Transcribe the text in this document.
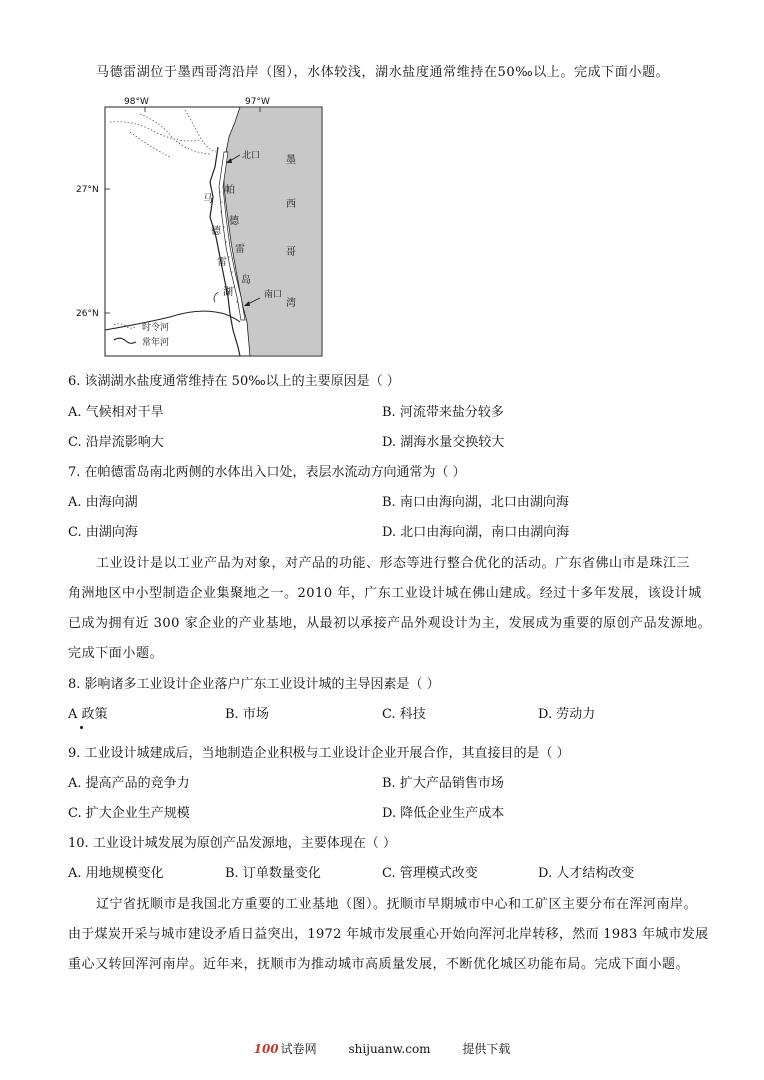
马德雷湖位于墨西哥湾沿岸（图），水体较浅，湖水盐度通常维持在50‰以上。完成下面小题。
98°W	97°W
27°N
26°N
北口
南口
马
德
雷
湖
帕
德
雷
岛
墨
西
哥
湾
时令河
常年河
6. 该湖湖水盐度通常维持在 50‰以上的主要原因是（ ）
A. 气候相对干旱	B. 河流带来盐分较多
C. 沿岸流影响大	D. 湖海水量交换较大
7. 在帕德雷岛南北两侧的水体出入口处，表层水流动方向通常为（ ）
A. 由海向湖	B. 南口由海向湖，北口由湖向海
C. 由湖向海	D. 北口由海向湖，南口由湖向海
工业设计是以工业产品为对象，对产品的功能、形态等进行整合优化的活动。广东省佛山市是珠江三
角洲地区中小型制造企业集聚地之一。2010 年，广东工业设计城在佛山建成。经过十多年发展，该设计城
已成为拥有近 300 家企业的产业基地，从最初以承接产品外观设计为主，发展成为重要的原创产品发源地。
完成下面小题。
8. 影响诸多工业设计企业落户广东工业设计城的主导因素是（ ）
A 政策	B. 市场	C. 科技	D. 劳动力
9. 工业设计城建成后，当地制造企业积极与工业设计企业开展合作，其直接目的是（ ）
A. 提高产品的竞争力	B. 扩大产品销售市场
C. 扩大企业生产规模	D. 降低企业生产成本
10. 工业设计城发展为原创产品发源地，主要体现在（ ）
A. 用地规模变化	B. 订单数量变化	C. 管理模式改变	D. 人才结构改变
辽宁省抚顺市是我国北方重要的工业基地（图）。抚顺市早期城市中心和工矿区主要分布在浑河南岸。
由于煤炭开采与城市建设矛盾日益突出，1972 年城市发展重心开始向浑河北岸转移，然而 1983 年城市发展
重心又转回浑河南岸。近年来，抚顺市为推动城市高质量发展，不断优化城区功能布局。完成下面小题。
100 试卷网	shijuanw.com	提供下载
